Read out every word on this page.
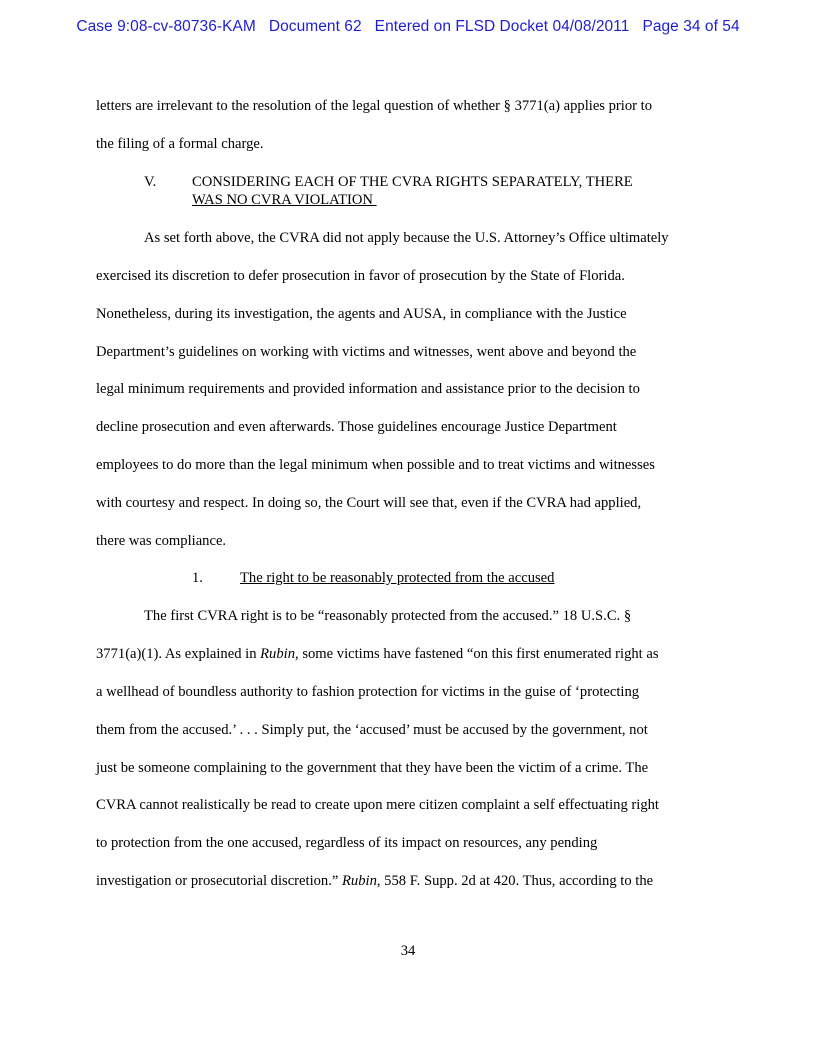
Case 9:08-cv-80736-KAM   Document 62   Entered on FLSD Docket 04/08/2011   Page 34 of 54
letters are irrelevant to the resolution of the legal question of whether § 3771(a) applies prior to
the filing of a formal charge.
V. CONSIDERING EACH OF THE CVRA RIGHTS SEPARATELY, THERE
WAS NO CVRA VIOLATION
As set forth above, the CVRA did not apply because the U.S. Attorney’s Office ultimately
exercised its discretion to defer prosecution in favor of prosecution by the State of Florida.
Nonetheless, during its investigation, the agents and AUSA, in compliance with the Justice
Department’s guidelines on working with victims and witnesses, went above and beyond the
legal minimum requirements and provided information and assistance prior to the decision to
decline prosecution and even afterwards. Those guidelines encourage Justice Department
employees to do more than the legal minimum when possible and to treat victims and witnesses
with courtesy and respect. In doing so, the Court will see that, even if the CVRA had applied,
there was compliance.
1.	The right to be reasonably protected from the accused
The first CVRA right is to be “reasonably protected from the accused.” 18 U.S.C. §
3771(a)(1). As explained in Rubin, some victims have fastened “on this first enumerated right as
a wellhead of boundless authority to fashion protection for victims in the guise of ‘protecting
them from the accused.’ . . . Simply put, the ‘accused’ must be accused by the government, not
just be someone complaining to the government that they have been the victim of a crime. The
CVRA cannot realistically be read to create upon mere citizen complaint a self effectuating right
to protection from the one accused, regardless of its impact on resources, any pending
investigation or prosecutorial discretion.” Rubin, 558 F. Supp. 2d at 420. Thus, according to the
34
